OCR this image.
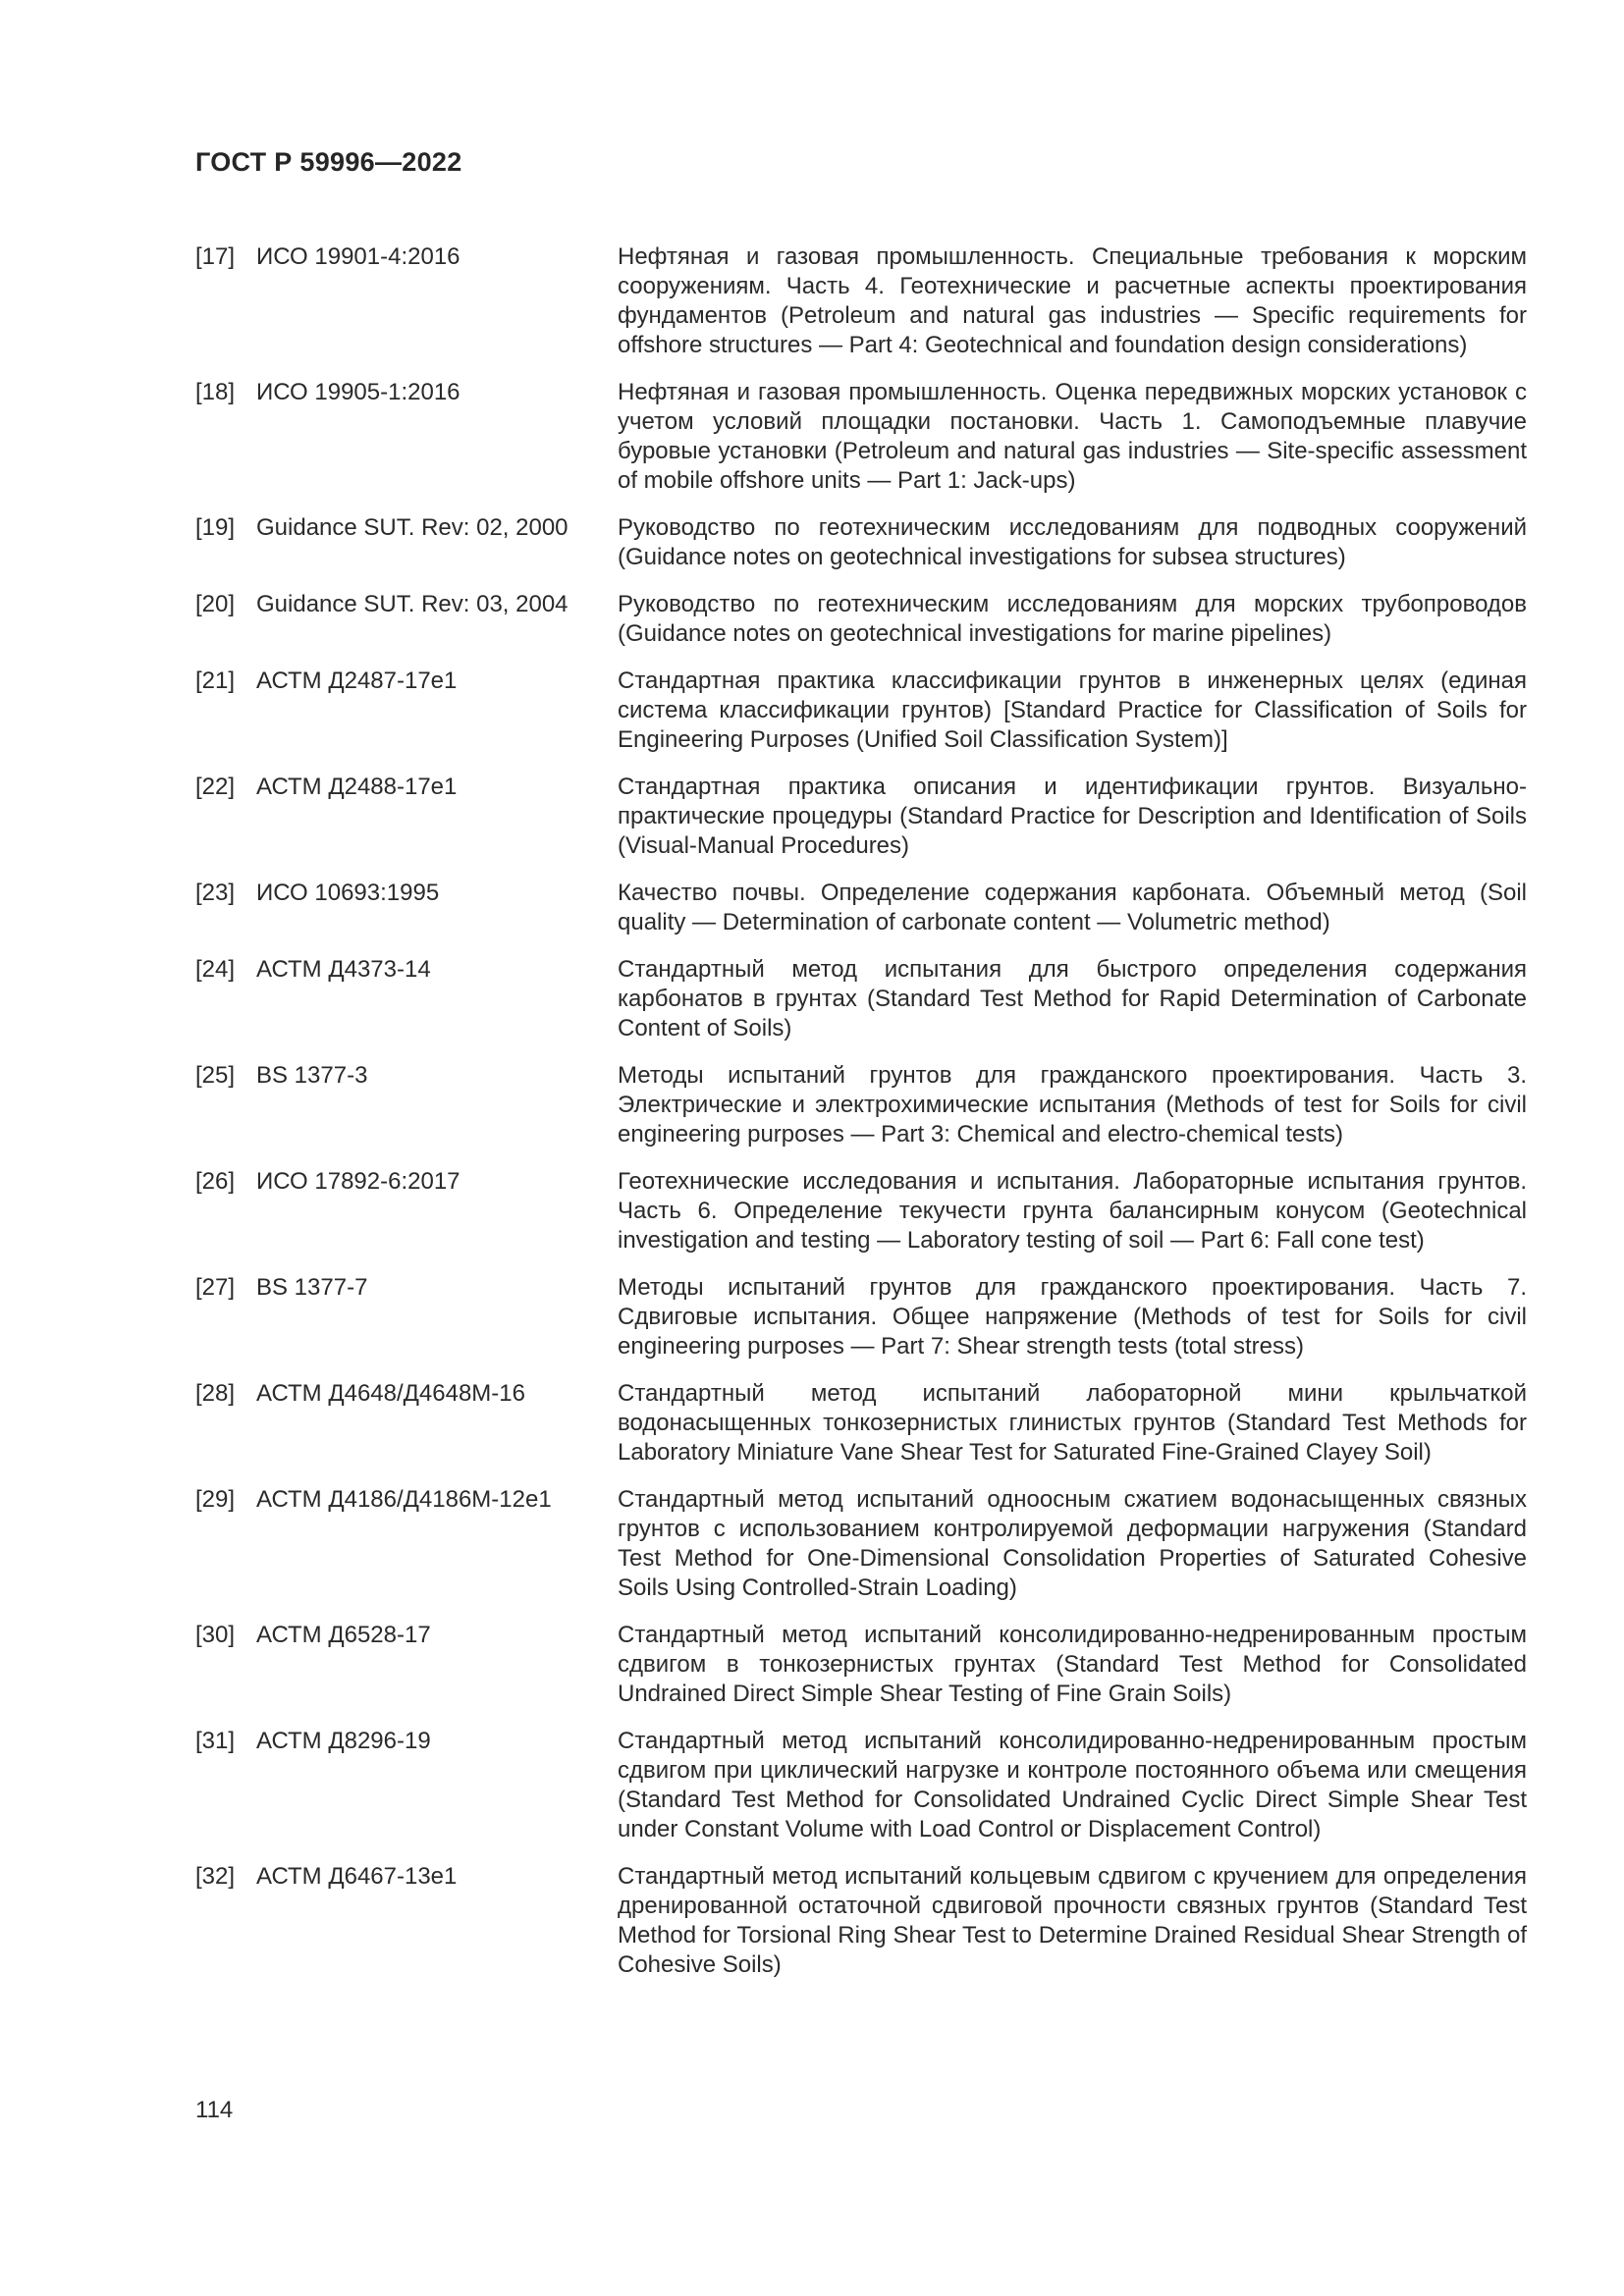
ГОСТ Р 59996—2022
[17] ИСО 19901-4:2016	Нефтяная и газовая промышленность. Специальные требования к морским сооружениям. Часть 4. Геотехнические и расчетные аспекты проектирования фундаментов (Petroleum and natural gas industries — Specific requirements for offshore structures — Part 4: Geotechnical and foundation design considerations)
[18] ИСО 19905-1:2016	Нефтяная и газовая промышленность. Оценка передвижных морских установок с учетом условий площадки постановки. Часть 1. Самоподъемные плавучие буровые установки (Petroleum and natural gas industries — Site-specific assessment of mobile offshore units — Part 1: Jack-ups)
[19] Guidance SUT. Rev: 02, 2000	Руководство по геотехническим исследованиям для подводных сооружений (Guidance notes on geotechnical investigations for subsea structures)
[20] Guidance SUT. Rev: 03, 2004	Руководство по геотехническим исследованиям для морских трубопроводов (Guidance notes on geotechnical investigations for marine pipelines)
[21] АСТМ Д2487-17е1	Стандартная практика классификации грунтов в инженерных целях (единая система классификации грунтов) [Standard Practice for Classification of Soils for Engineering Purposes (Unified Soil Classification System)]
[22] АСТМ Д2488-17е1	Стандартная практика описания и идентификации грунтов. Визуально-практические процедуры (Standard Practice for Description and Identification of Soils (Visual-Manual Procedures)
[23] ИСО 10693:1995	Качество почвы. Определение содержания карбоната. Объемный метод (Soil quality — Determination of carbonate content — Volumetric method)
[24] АСТМ Д4373-14	Стандартный метод испытания для быстрого определения содержания карбонатов в грунтах (Standard Test Method for Rapid Determination of Carbonate Content of Soils)
[25] BS 1377-3	Методы испытаний грунтов для гражданского проектирования. Часть 3. Электрические и электрохимические испытания (Methods of test for Soils for civil engineering purposes — Part 3: Chemical and electro-chemical tests)
[26] ИСО 17892-6:2017	Геотехнические исследования и испытания. Лабораторные испытания грунтов. Часть 6. Определение текучести грунта балансирным конусом (Geotechnical investigation and testing — Laboratory testing of soil — Part 6: Fall cone test)
[27] BS 1377-7	Методы испытаний грунтов для гражданского проектирования. Часть 7. Сдвиговые испытания. Общее напряжение (Methods of test for Soils for civil engineering purposes — Part 7: Shear strength tests (total stress)
[28] АСТМ Д4648/Д4648М-16	Стандартный метод испытаний лабораторной мини крыльчаткой водонасыщенных тонкозернистых глинистых грунтов (Standard Test Methods for Laboratory Miniature Vane Shear Test for Saturated Fine-Grained Clayey Soil)
[29] АСТМ Д4186/Д4186М-12е1	Стандартный метод испытаний одноосным сжатием водонасыщенных связных грунтов с использованием контролируемой деформации нагружения (Standard Test Method for One-Dimensional Consolidation Properties of Saturated Cohesive Soils Using Controlled-Strain Loading)
[30] АСТМ Д6528-17	Стандартный метод испытаний консолидированно-недренированным простым сдвигом в тонкозернистых грунтах (Standard Test Method for Consolidated Undrained Direct Simple Shear Testing of Fine Grain Soils)
[31] АСТМ Д8296-19	Стандартный метод испытаний консолидированно-недренированным простым сдвигом при циклический нагрузке и контроле постоянного объема или смещения (Standard Test Method for Consolidated Undrained Cyclic Direct Simple Shear Test under Constant Volume with Load Control or Displacement Control)
[32] АСТМ Д6467-13е1	Стандартный метод испытаний кольцевым сдвигом с кручением для определения дренированной остаточной сдвиговой прочности связных грунтов (Standard Test Method for Torsional Ring Shear Test to Determine Drained Residual Shear Strength of Cohesive Soils)
114
